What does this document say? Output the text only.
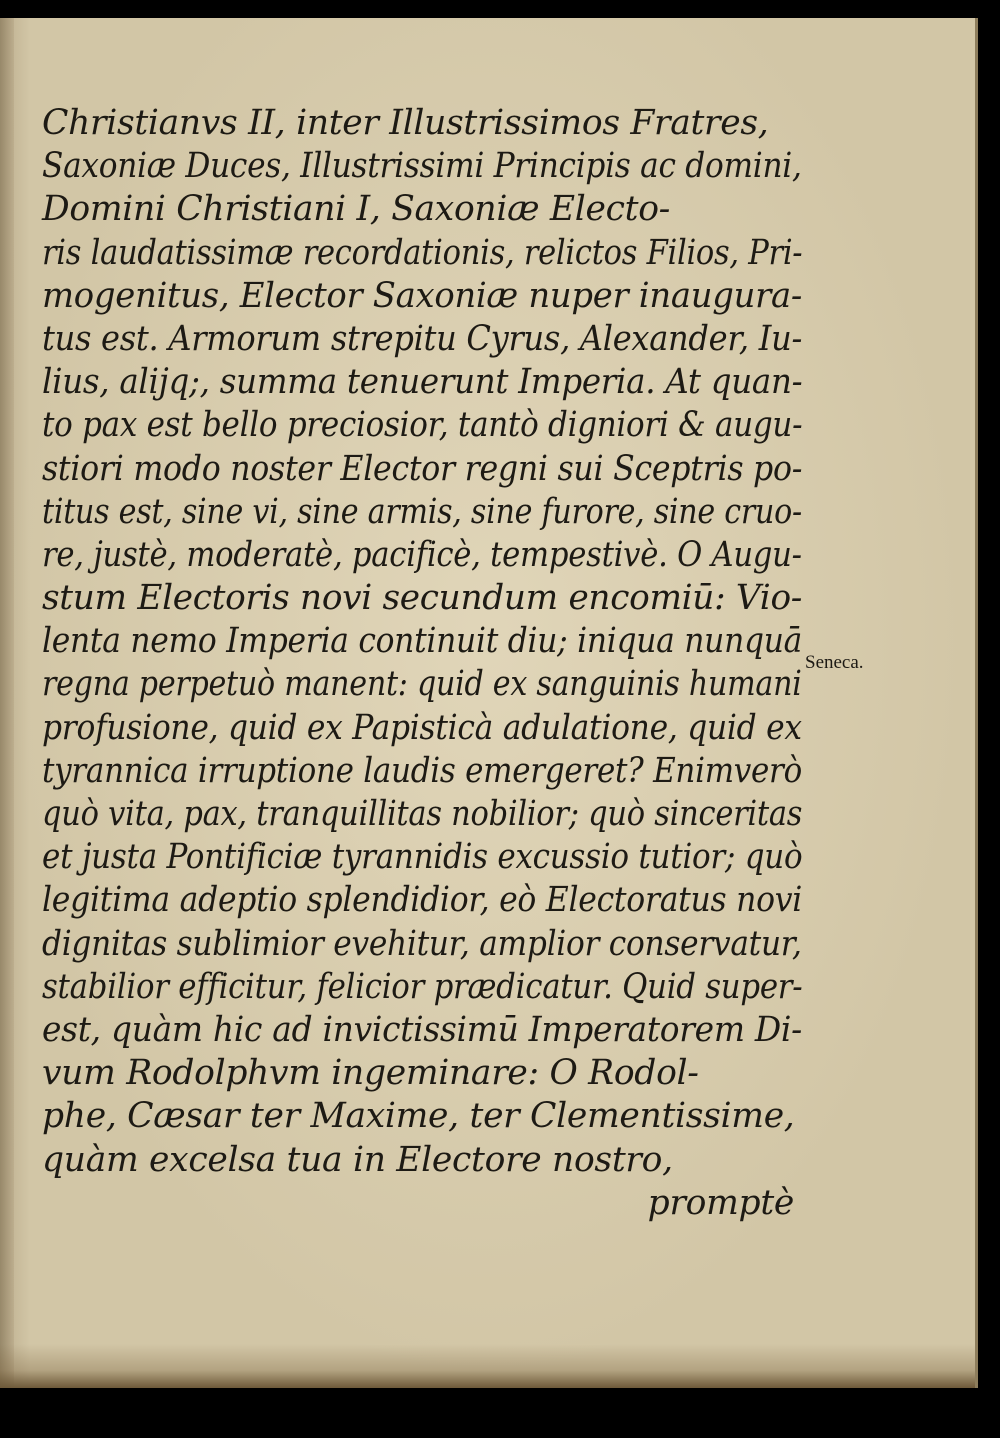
Christianvs II, inter Illustrissimos Fratres,
Saxoniæ Duces, Illustrissimi Principis ac domini,
Domini Christiani I, Saxoniæ Electo-
ris laudatissimæ recordationis, relictos Filios, Pri-
mogenitus, Elector Saxoniæ nuper inaugura-
tus est. Armorum strepitu Cyrus, Alexander, Iu-
lius, alijq;, summa tenuerunt Imperia. At quan-
to pax est bello preciosior, tantò digniori & augu-
stiori modo noster Elector regni sui Sceptris po-
titus est, sine vi, sine armis, sine furore, sine cruo-
re, justè, moderatè, pacificè, tempestivè. O Augu-
stum Electoris novi secundum encomiū: Vio-
lenta nemo Imperia continuit diu; iniqua nunquā
regna perpetuò manent: quid ex sanguinis humani
profusione, quid ex Papisticà adulatione, quid ex
tyrannica irruptione laudis emergeret? Enimverò
quò vita, pax, tranquillitas nobilior; quò sinceritas
et justa Pontificiæ tyrannidis excussio tutior; quò
legitima adeptio splendidior, eò Electoratus novi
dignitas sublimior evehitur, amplior conservatur,
stabilior efficitur, felicior prædicatur. Quid super-
est, quàm hic ad invictissimū Imperatorem Di-
vum Rodolphvm ingeminare: O Rodol-
phe, Cæsar ter Maxime, ter Clementissime,
quàm excelsa tua in Electore nostro,
promptè
Seneca.
